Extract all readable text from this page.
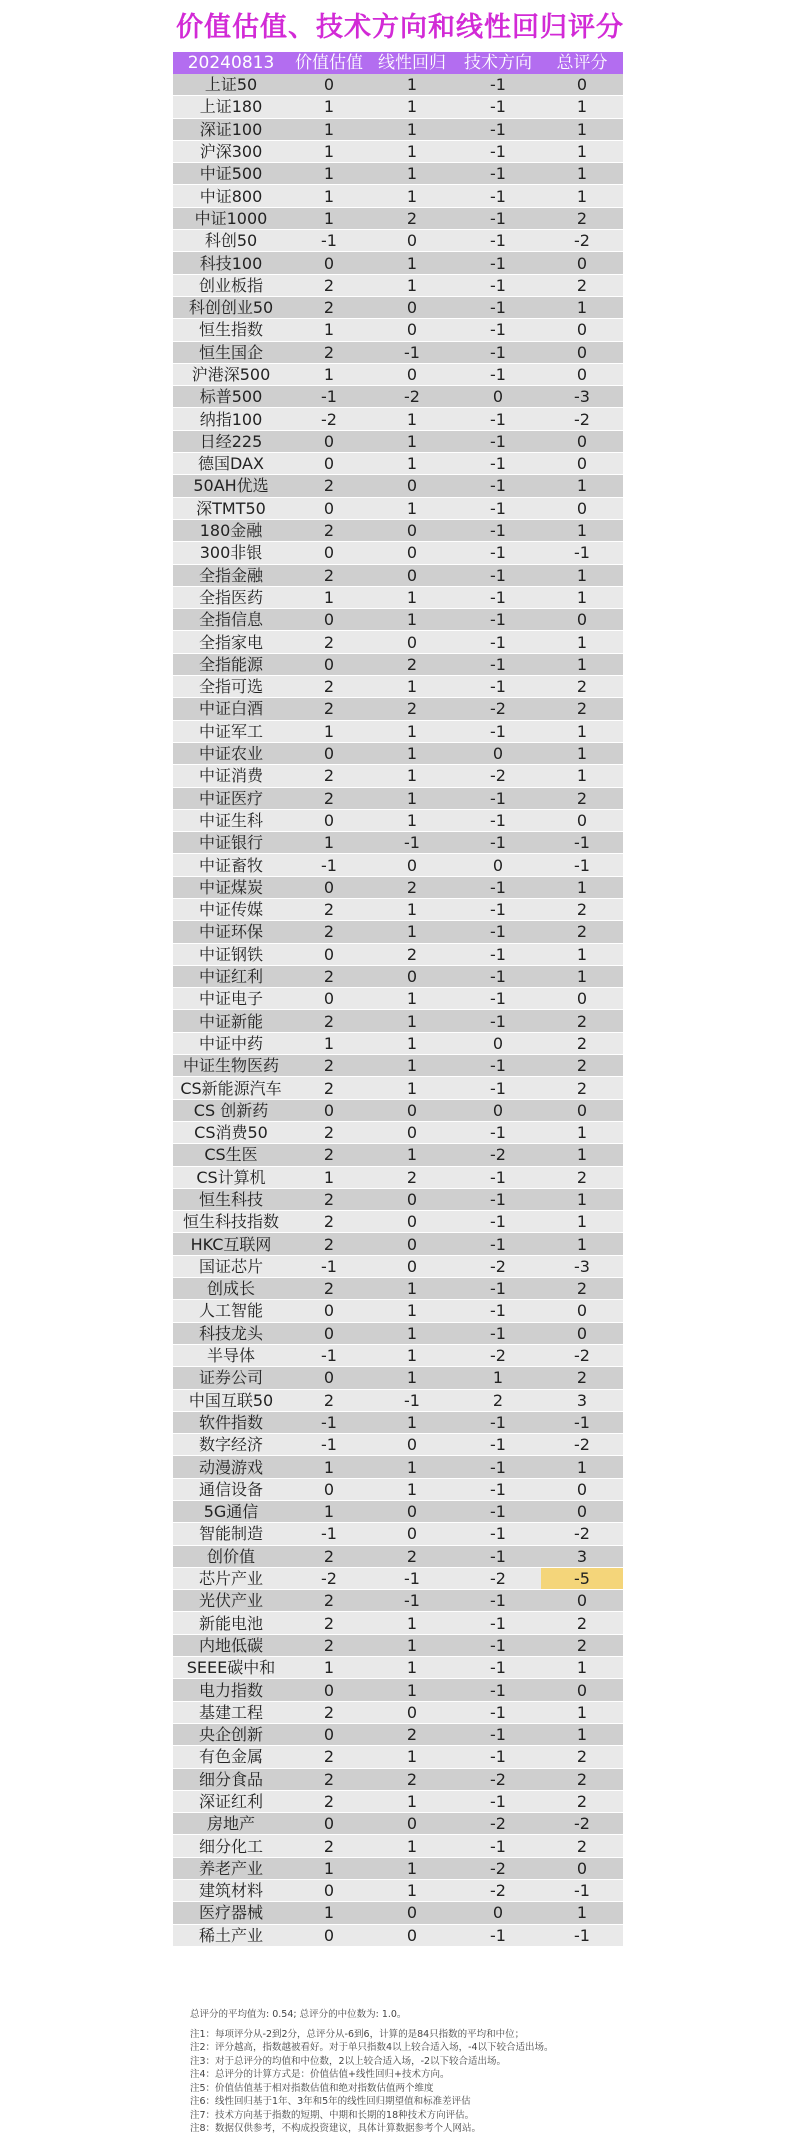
价值估值、技术方向和线性回归评分
20240813	价值估值	线性回归	技术方向	总评分
上证50	0	1	-1	0
上证180	1	1	-1	1
深证100	1	1	-1	1
沪深300	1	1	-1	1
中证500	1	1	-1	1
中证800	1	1	-1	1
中证1000	1	2	-1	2
科创50	-1	0	-1	-2
科技100	0	1	-1	0
创业板指	2	1	-1	2
科创创业50	2	0	-1	1
恒生指数	1	0	-1	0
恒生国企	2	-1	-1	0
沪港深500	1	0	-1	0
标普500	-1	-2	0	-3
纳指100	-2	1	-1	-2
日经225	0	1	-1	0
德国DAX	0	1	-1	0
50AH优选	2	0	-1	1
深TMT50	0	1	-1	0
180金融	2	0	-1	1
300非银	0	0	-1	-1
全指金融	2	0	-1	1
全指医药	1	1	-1	1
全指信息	0	1	-1	0
全指家电	2	0	-1	1
全指能源	0	2	-1	1
全指可选	2	1	-1	2
中证白酒	2	2	-2	2
中证军工	1	1	-1	1
中证农业	0	1	0	1
中证消费	2	1	-2	1
中证医疗	2	1	-1	2
中证生科	0	1	-1	0
中证银行	1	-1	-1	-1
中证畜牧	-1	0	0	-1
中证煤炭	0	2	-1	1
中证传媒	2	1	-1	2
中证环保	2	1	-1	2
中证钢铁	0	2	-1	1
中证红利	2	0	-1	1
中证电子	0	1	-1	0
中证新能	2	1	-1	2
中证中药	1	1	0	2
中证生物医药	2	1	-1	2
CS新能源汽车	2	1	-1	2
CS 创新药	0	0	0	0
CS消费50	2	0	-1	1
CS生医	2	1	-2	1
CS计算机	1	2	-1	2
恒生科技	2	0	-1	1
恒生科技指数	2	0	-1	1
HKC互联网	2	0	-1	1
国证芯片	-1	0	-2	-3
创成长	2	1	-1	2
人工智能	0	1	-1	0
科技龙头	0	1	-1	0
半导体	-1	1	-2	-2
证券公司	0	1	1	2
中国互联50	2	-1	2	3
软件指数	-1	1	-1	-1
数字经济	-1	0	-1	-2
动漫游戏	1	1	-1	1
通信设备	0	1	-1	0
5G通信	1	0	-1	0
智能制造	-1	0	-1	-2
创价值	2	2	-1	3
芯片产业	-2	-1	-2	-5
光伏产业	2	-1	-1	0
新能电池	2	1	-1	2
内地低碳	2	1	-1	2
SEEE碳中和	1	1	-1	1
电力指数	0	1	-1	0
基建工程	2	0	-1	1
央企创新	0	2	-1	1
有色金属	2	1	-1	2
细分食品	2	2	-2	2
深证红利	2	1	-1	2
房地产	0	0	-2	-2
细分化工	2	1	-1	2
养老产业	1	1	-2	0
建筑材料	0	1	-2	-1
医疗器械	1	0	0	1
稀土产业	0	0	-1	-1
总评分的平均值为: 0.54; 总评分的中位数为: 1.0。
注1：每项评分从-2到2分，总评分从-6到6，计算的是84只指数的平均和中位；
注2：评分越高，指数越被看好。对于单只指数4以上较合适入场，-4以下较合适出场。
注3：对于总评分的均值和中位数，2以上较合适入场，-2以下较合适出场。
注4：总评分的计算方式是：价值估值+线性回归+技术方向。
注5：价值估值基于相对指数估值和绝对指数估值两个维度
注6：线性回归基于1年、3年和5年的线性回归期望值和标准差评估
注7：技术方向基于指数的短期、中期和长期的18种技术方向评估。
注8：数据仅供参考，不构成投资建议，具体计算数据参考个人网站。
